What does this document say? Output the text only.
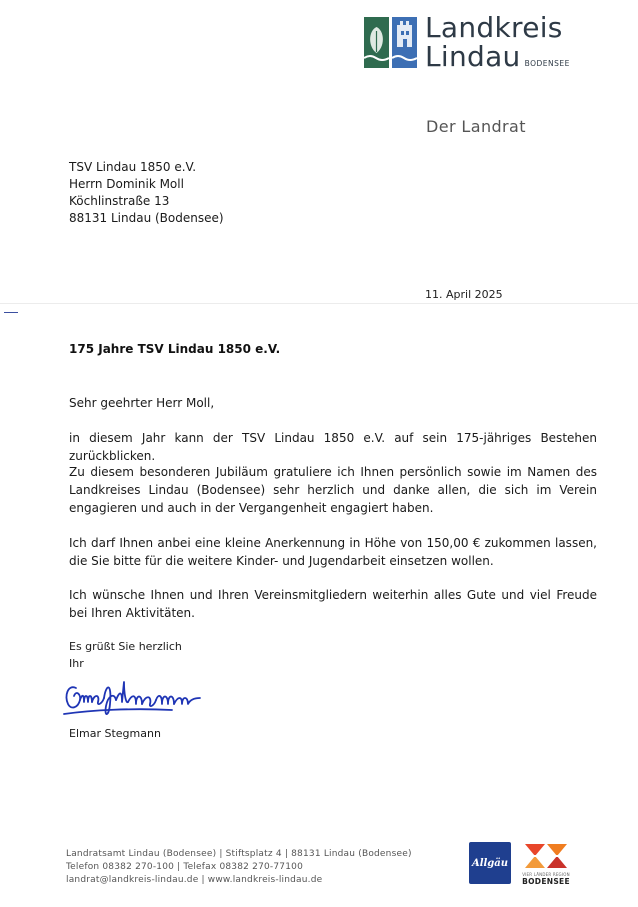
Landkreis
Lindau BODENSEE
Der Landrat
TSV Lindau 1850 e.V.
Herrn Dominik Moll
Köchlinstraße 13
88131 Lindau (Bodensee)
11. April 2025
175 Jahre TSV Lindau 1850 e.V.
Sehr geehrter Herr Moll,
in diesem Jahr kann der TSV Lindau 1850 e.V. auf sein 175-jähriges Bestehen zurückblicken.
Zu diesem besonderen Jubiläum gratuliere ich Ihnen persönlich sowie im Namen des Landkreises Lindau (Bodensee) sehr herzlich und danke allen, die sich im Verein engagieren und auch in der Vergangenheit engagiert haben.
Ich darf Ihnen anbei eine kleine Anerkennung in Höhe von 150,00 € zukommen lassen, die Sie bitte für die weitere Kinder- und Jugendarbeit einsetzen wollen.
Ich wünsche Ihnen und Ihren Vereinsmitgliedern weiterhin alles Gute und viel Freude bei Ihren Aktivitäten.
Es grüßt Sie herzlich
Ihr
Elmar Stegmann
Landratsamt Lindau (Bodensee) | Stiftsplatz 4 | 88131 Lindau (Bodensee)
Telefon 08382 270-100 | Telefax 08382 270-77100
landrat@landkreis-lindau.de | www.landkreis-lindau.de
Allgäu
VIER LÄNDER REGION
BODENSEE
